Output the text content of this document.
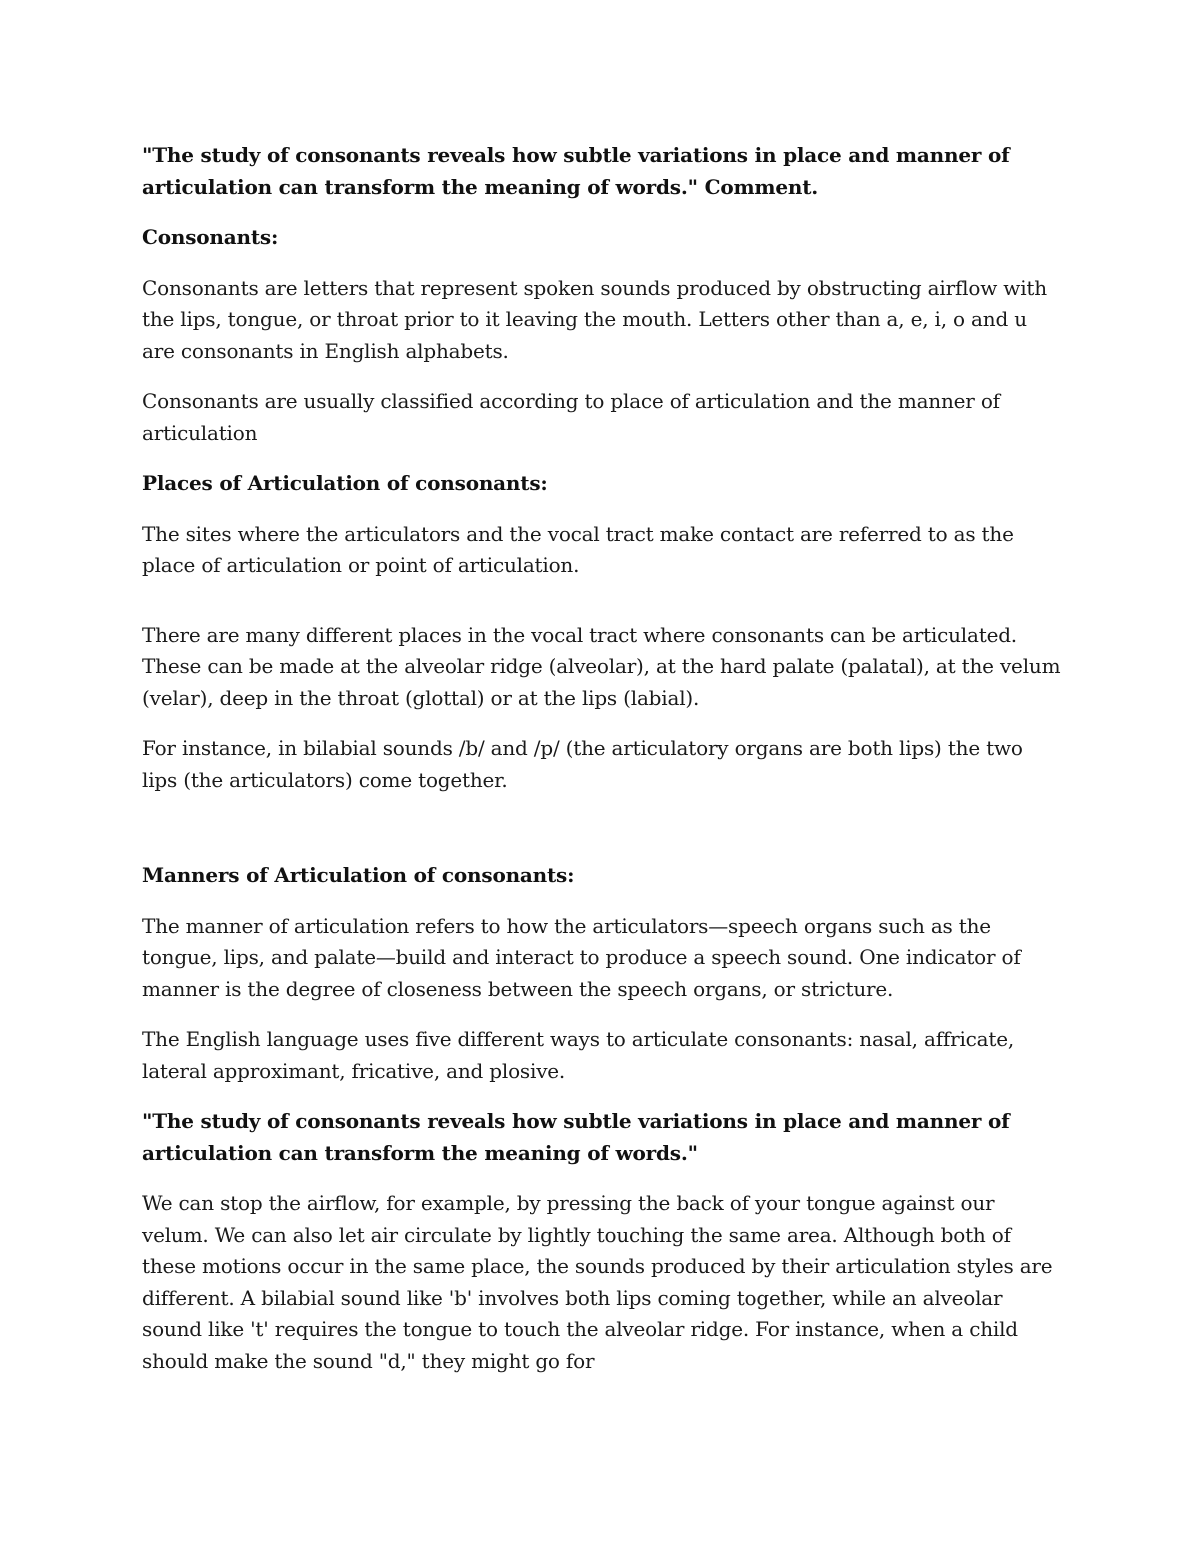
"The study of consonants reveals how subtle variations in place and manner of articulation can transform the meaning of words." Comment.

Consonants:

Consonants are letters that represent spoken sounds produced by obstructing airflow with the lips, tongue, or throat prior to it leaving the mouth. Letters other than a, e, i, o and u are consonants in English alphabets.

Consonants are usually classified according to place of articulation and the manner of articulation

Places of Articulation of consonants:

The sites where the articulators and the vocal tract make contact are referred to as the place of articulation or point of articulation.

There are many different places in the vocal tract where consonants can be articulated. These can be made at the alveolar ridge (alveolar), at the hard palate (palatal), at the velum (velar), deep in the throat (glottal) or at the lips (labial).

For instance, in bilabial sounds /b/ and /p/ (the articulatory organs are both lips) the two lips (the articulators) come together.

Manners of Articulation of consonants:

The manner of articulation refers to how the articulators—speech organs such as the tongue, lips, and palate—build and interact to produce a speech sound. One indicator of manner is the degree of closeness between the speech organs, or stricture.

The English language uses five different ways to articulate consonants: nasal, affricate, lateral approximant, fricative, and plosive.

"The study of consonants reveals how subtle variations in place and manner of articulation can transform the meaning of words."

We can stop the airflow, for example, by pressing the back of your tongue against our velum. We can also let air circulate by lightly touching the same area. Although both of these motions occur in the same place, the sounds produced by their articulation styles are different. A bilabial sound like 'b' involves both lips coming together, while an alveolar sound like 't' requires the tongue to touch the alveolar ridge. For instance, when a child should make the sound "d," they might go for
